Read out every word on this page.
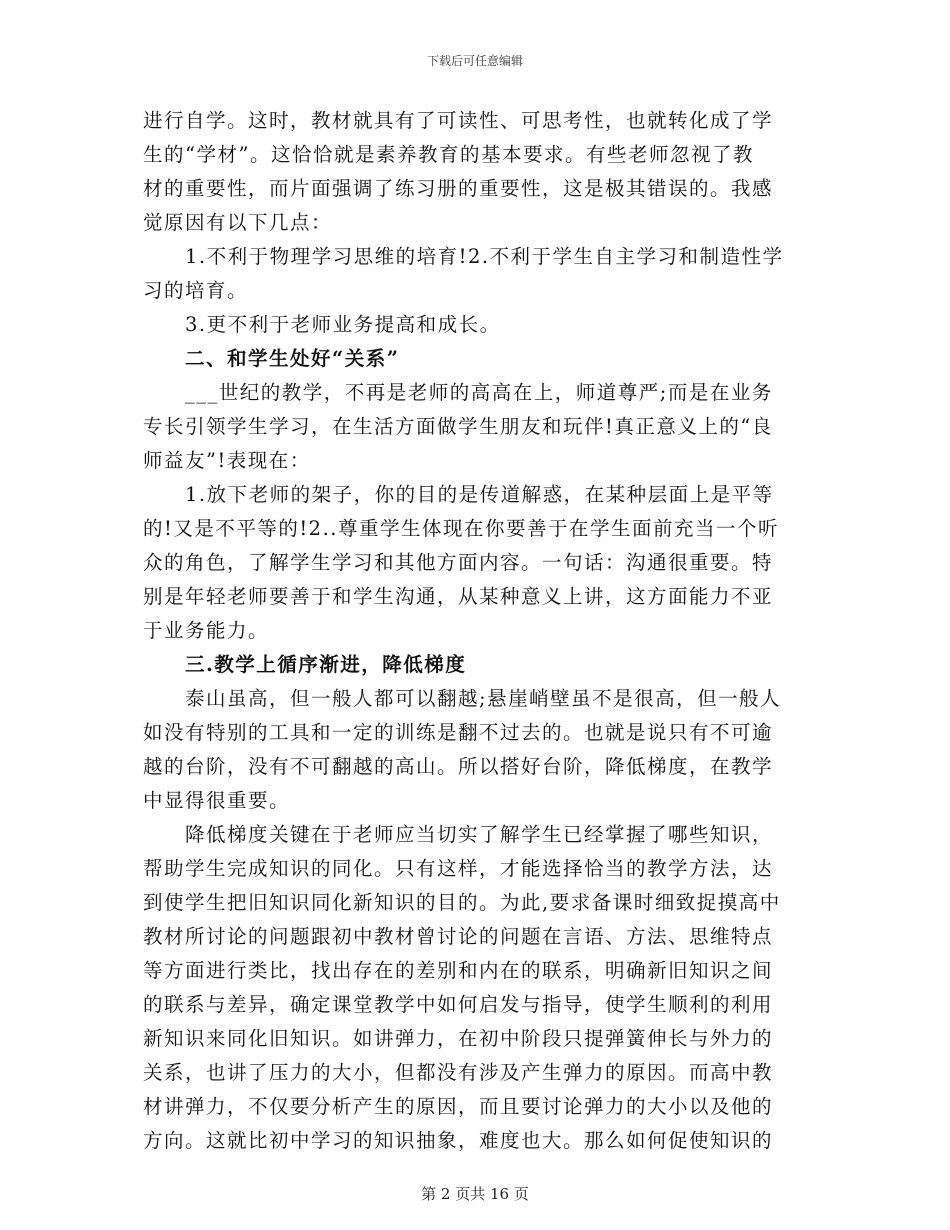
下载后可任意编辑
进行自学。这时，教材就具有了可读性、可思考性，也就转化成了学
生的“学材”。这恰恰就是素养教育的基本要求。有些老师忽视了教
材的重要性，而片面强调了练习册的重要性，这是极其错误的。我感
觉原因有以下几点：
1.不利于物理学习思维的培育!2.不利于学生自主学习和制造性学
习的培育。
3.更不利于老师业务提高和成长。
二、和学生处好“关系”
___世纪的教学，不再是老师的高高在上，师道尊严;而是在业务
专长引领学生学习，在生活方面做学生朋友和玩伴!真正意义上的“良
师益友”!表现在：
1.放下老师的架子，你的目的是传道解惑，在某种层面上是平等
的!又是不平等的!2..尊重学生体现在你要善于在学生面前充当一个听
众的角色，了解学生学习和其他方面内容。一句话：沟通很重要。特
别是年轻老师要善于和学生沟通，从某种意义上讲，这方面能力不亚
于业务能力。
三.教学上循序渐进，降低梯度
泰山虽高，但一般人都可以翻越;悬崖峭壁虽不是很高，但一般人
如没有特别的工具和一定的训练是翻不过去的。也就是说只有不可逾
越的台阶，没有不可翻越的高山。所以搭好台阶，降低梯度，在教学
中显得很重要。
降低梯度关键在于老师应当切实了解学生已经掌握了哪些知识，
帮助学生完成知识的同化。只有这样，才能选择恰当的教学方法，达
到使学生把旧知识同化新知识的目的。为此,要求备课时细致捉摸高中
教材所讨论的问题跟初中教材曾讨论的问题在言语、方法、思维特点
等方面进行类比，找出存在的差别和内在的联系，明确新旧知识之间
的联系与差异，确定课堂教学中如何启发与指导，使学生顺利的利用
新知识来同化旧知识。如讲弹力，在初中阶段只提弹簧伸长与外力的
关系，也讲了压力的大小，但都没有涉及产生弹力的原因。而高中教
材讲弹力，不仅要分析产生的原因，而且要讨论弹力的大小以及他的
方向。这就比初中学习的知识抽象，难度也大。那么如何促使知识的
第 2 页共 16 页
